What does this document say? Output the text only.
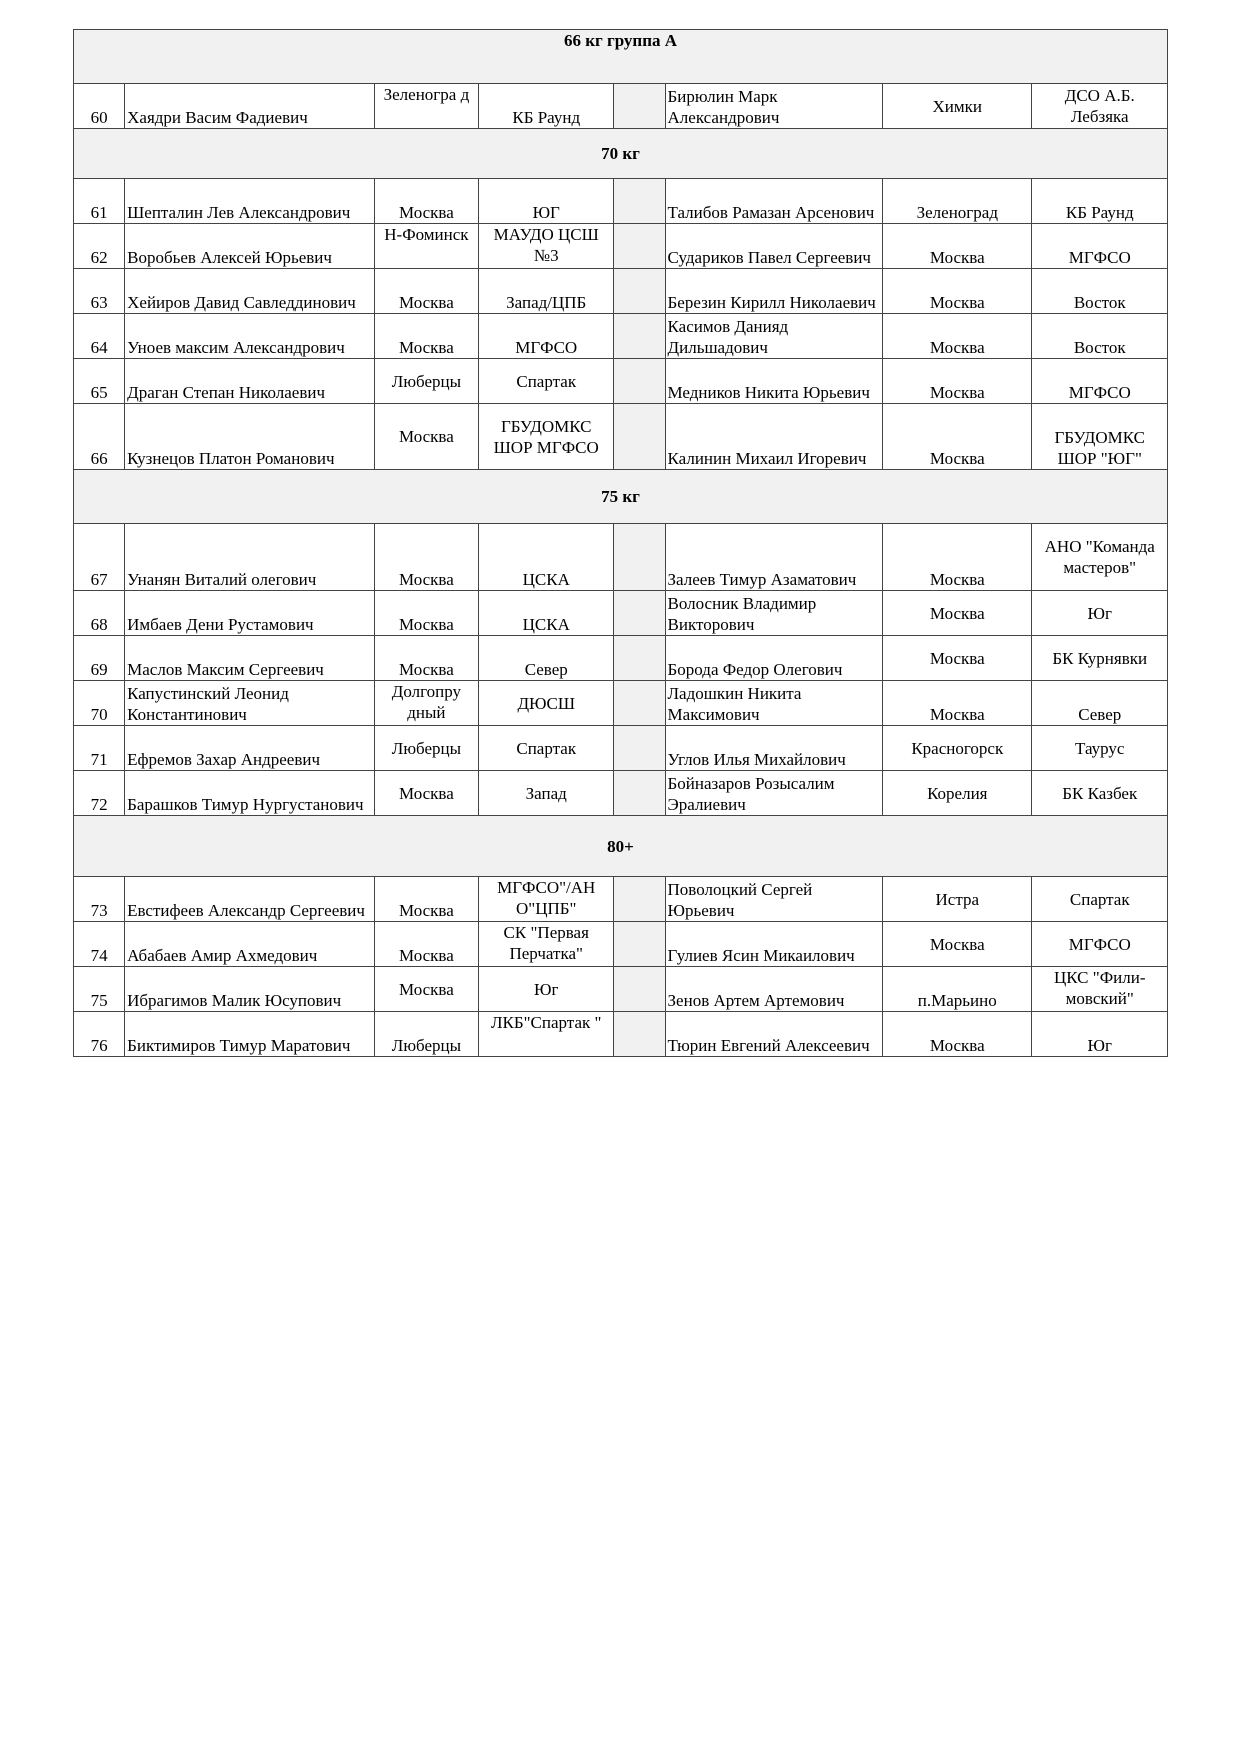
66 кг группа А							
60	Хаядри Васим Фадиевич	Зеленогра д	КБ Раунд		Бирюлин Марк Александрович	Химки	ДСО А.Б. Лебзяка
70 кг							
61	Шепталин Лев Александрович	Москва	ЮГ		Талибов Рамазан Арсенович	Зеленоград	КБ Раунд
62	Воробьев Алексей Юрьевич	Н-Фоминск	МАУДО ЦСШ №3		Судариков Павел Сергеевич	Москва	МГФСО
63	Хейиров Давид Савледдинович	Москва	Запад/ЦПБ		Березин Кирилл Николаевич	Москва	Восток
64	Уноев максим Александрович	Москва	МГФСО		Касимов Данияд Дильшадович	Москва	Восток
65	Драган Степан Николаевич	Люберцы	Спартак		Медников Никита Юрьевич	Москва	МГФСО
66	Кузнецов Платон Романович	Москва	ГБУДОМКС ШОР МГФСО		Калинин Михаил Игоревич	Москва	ГБУДОМКС ШОР "ЮГ"
75 кг							
67	Унанян Виталий олегович	Москва	ЦСКА		Залеев Тимур Азаматович	Москва	АНО "Команда мастеров"
68	Имбаев Дени Рустамович	Москва	ЦСКА		Волосник Владимир Викторович	Москва	Юг
69	Маслов Максим Сергеевич	Москва	Север		Борода Федор Олегович	Москва	БК Курнявки
70	Капустинский Леонид Константинович	Долгопру дный	ДЮСШ		Ладошкин Никита Максимович	Москва	Север
71	Ефремов Захар Андреевич	Люберцы	Спартак		Углов Илья Михайлович	Красногорск	Таурус
72	Барашков Тимур Нургустанович	Москва	Запад		Бойназаров Розысалим Эралиевич	Корелия	БК Казбек
80+							
73	Евстифеев Александр Сергеевич	Москва	МГФСО"/АН О"ЦПБ"		Поволоцкий Сергей Юрьевич	Истра	Спартак
74	Абабаев Амир Ахмедович	Москва	СК "Первая Перчатка"		Гулиев Ясин Микаилович	Москва	МГФСО
75	Ибрагимов Малик Юсупович	Москва	Юг		Зенов Артем Артемович	п.Марьино	ЦКС "Фили-мовский"
76	Биктимиров Тимур Маратович	Люберцы	ЛКБ"Спартак "		Тюрин Евгений Алексеевич	Москва	Юг
